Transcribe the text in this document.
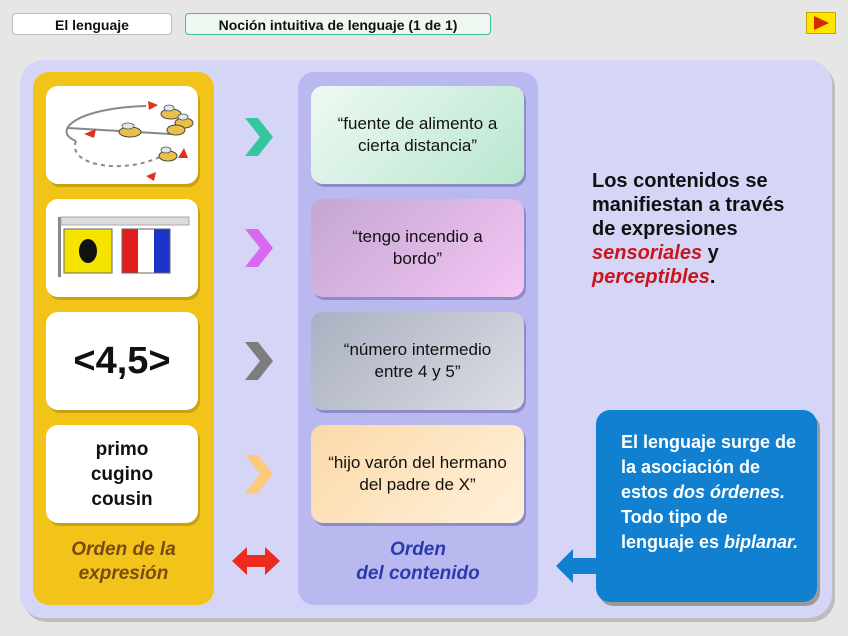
El lenguaje	Noción intuitiva de lenguaje (1 de 1)
<4,5>
primo
cugino
cousin
“fuente de alimento a cierta distancia”
“tengo incendio a bordo”
“número intermedio entre 4 y 5”
“hijo varón del hermano del padre de X”
Orden de la
expresión
Orden
del contenido
Los contenidos se
manifiestan a través
de expresiones
sensoriales y
perceptibles.
El lenguaje surge de la asociación de estos dos órdenes. Todo tipo de lenguaje es biplanar.
